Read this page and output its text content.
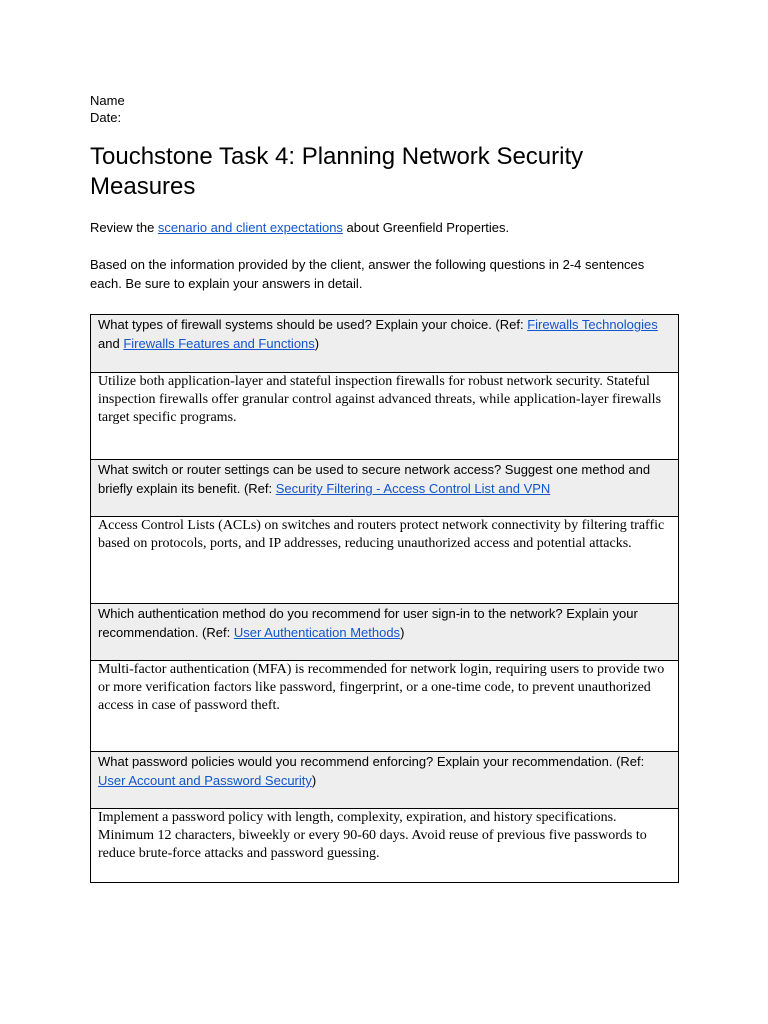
Name
Date:
Touchstone Task 4: Planning Network Security Measures

Review the scenario and client expectations about Greenfield Properties.

Based on the information provided by the client, answer the following questions in 2-4 sentences each. Be sure to explain your answers in detail.

What types of firewall systems should be used? Explain your choice. (Ref: Firewalls Technologies and Firewalls Features and Functions)
Utilize both application-layer and stateful inspection firewalls for robust network security. Stateful inspection firewalls offer granular control against advanced threats, while application-layer firewalls target specific programs.
What switch or router settings can be used to secure network access? Suggest one method and briefly explain its benefit. (Ref: Security Filtering - Access Control List and VPN
Access Control Lists (ACLs) on switches and routers protect network connectivity by filtering traffic based on protocols, ports, and IP addresses, reducing unauthorized access and potential attacks.
Which authentication method do you recommend for user sign-in to the network? Explain your recommendation. (Ref: User Authentication Methods)
Multi-factor authentication (MFA) is recommended for network login, requiring users to provide two or more verification factors like password, fingerprint, or a one-time code, to prevent unauthorized access in case of password theft.
What password policies would you recommend enforcing? Explain your recommendation. (Ref: User Account and Password Security)
Implement a password policy with length, complexity, expiration, and history specifications. Minimum 12 characters, biweekly or every 90-60 days. Avoid reuse of previous five passwords to reduce brute-force attacks and password guessing.
